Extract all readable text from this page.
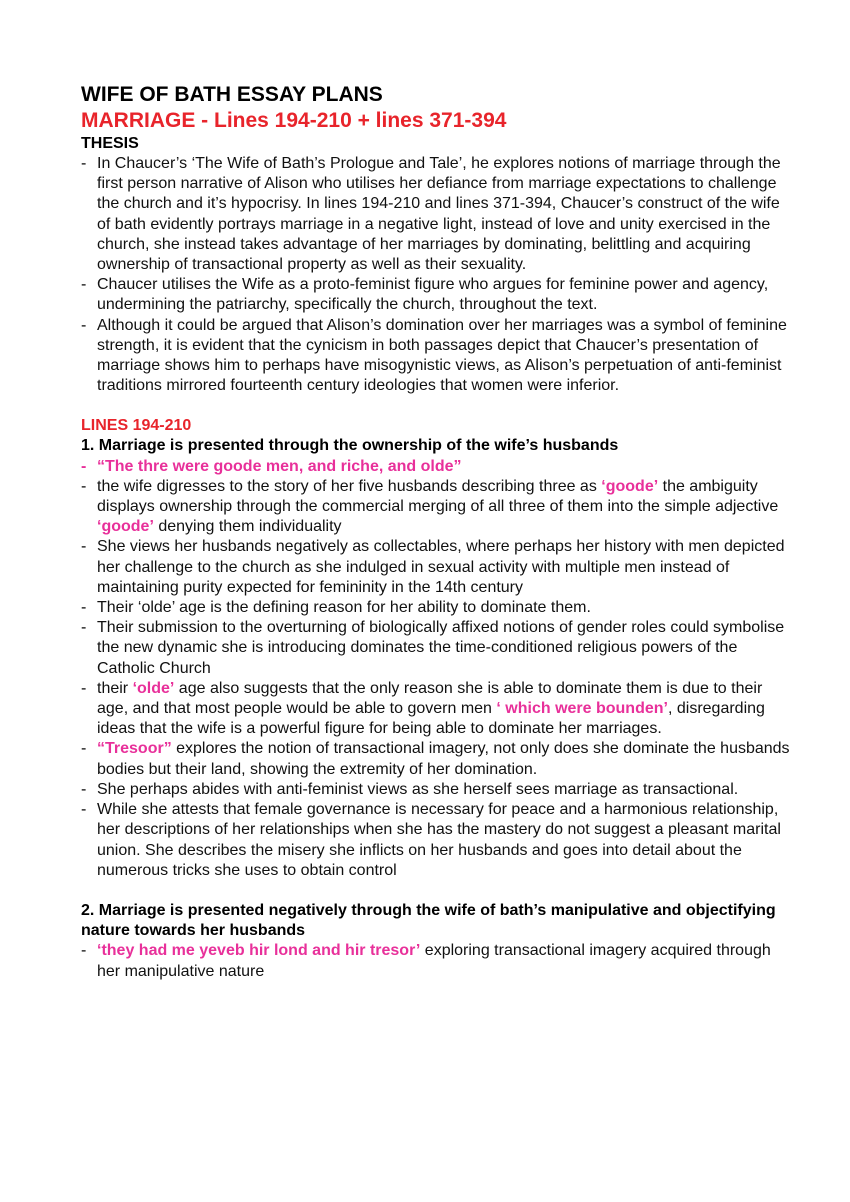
WIFE OF BATH ESSAY PLANS
MARRIAGE - Lines 194-210 + lines 371-394
THESIS
- In Chaucer’s ‘The Wife of Bath’s Prologue and Tale’, he explores notions of marriage through the first person narrative of Alison who utilises her defiance from marriage expectations to challenge the church and it’s hypocrisy. In lines 194-210 and lines 371-394, Chaucer’s construct of the wife of bath evidently portrays marriage in a negative light, instead of love and unity exercised in the church, she instead takes advantage of her marriages by dominating, belittling and acquiring ownership of transactional property as well as their sexuality.
- Chaucer utilises the Wife as a proto-feminist figure who argues for feminine power and agency, undermining the patriarchy, specifically the church, throughout the text.
- Although it could be argued that Alison’s domination over her marriages was a symbol of feminine strength, it is evident that the cynicism in both passages depict that Chaucer’s presentation of marriage shows him to perhaps have misogynistic views, as Alison’s perpetuation of anti-feminist traditions mirrored fourteenth century ideologies that women were inferior.
LINES 194-210
1. Marriage is presented through the ownership of the wife’s husbands
- “The thre were goode men, and riche, and olde”
- the wife digresses to the story of her five husbands describing three as ‘goode’ the ambiguity displays ownership through the commercial merging of all three of them into the simple adjective ‘goode’ denying them individuality
- She views her husbands negatively as collectables, where perhaps her history with men depicted her challenge to the church as she indulged in sexual activity with multiple men instead of maintaining purity expected for femininity in the 14th century
- Their ‘olde’ age is the defining reason for her ability to dominate them.
- Their submission to the overturning of biologically affixed notions of gender roles could symbolise the new dynamic she is introducing dominates the time-conditioned religious powers of the Catholic Church
- their ‘olde’ age also suggests that the only reason she is able to dominate them is due to their age, and that most people would be able to govern men ‘ which were bounden’, disregarding ideas that the wife is a powerful figure for being able to dominate her marriages.
- “Tresoor” explores the notion of transactional imagery, not only does she dominate the husbands bodies but their land, showing the extremity of her domination.
- She perhaps abides with anti-feminist views as she herself sees marriage as transactional.
- While she attests that female governance is necessary for peace and a harmonious relationship, her descriptions of her relationships when she has the mastery do not suggest a pleasant marital union. She describes the misery she inflicts on her husbands and goes into detail about the numerous tricks she uses to obtain control
2. Marriage is presented negatively through the wife of bath’s manipulative and objectifying nature towards her husbands
- ‘they had me yeveb hir lond and hir tresor’ exploring transactional imagery acquired through her manipulative nature
